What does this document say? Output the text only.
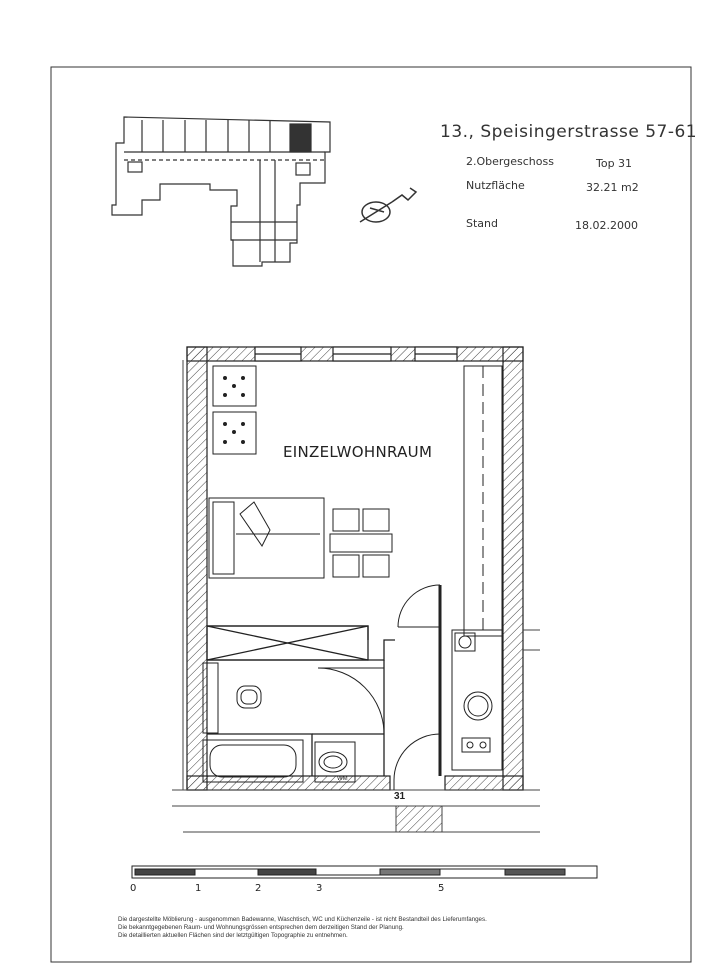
13., Speisingerstrasse 57-61
2.Obergeschoss	Top 31
Nutzfläche	32.21 m2
Stand	18.02.2000
EINZELWOHNRAUM
31
WM
0	1	2	3	5
Die dargestellte Möblierung - ausgenommen Badewanne, Waschtisch, WC und Küchenzeile - ist nicht Bestandteil des Lieferumfanges.
Die bekanntgegebenen Raum- und Wohnungsgrössen entsprechen dem derzeitigen Stand der Planung.
Die detaillierten aktuellen Flächen sind der letztgültigen Topographie zu entnehmen.
